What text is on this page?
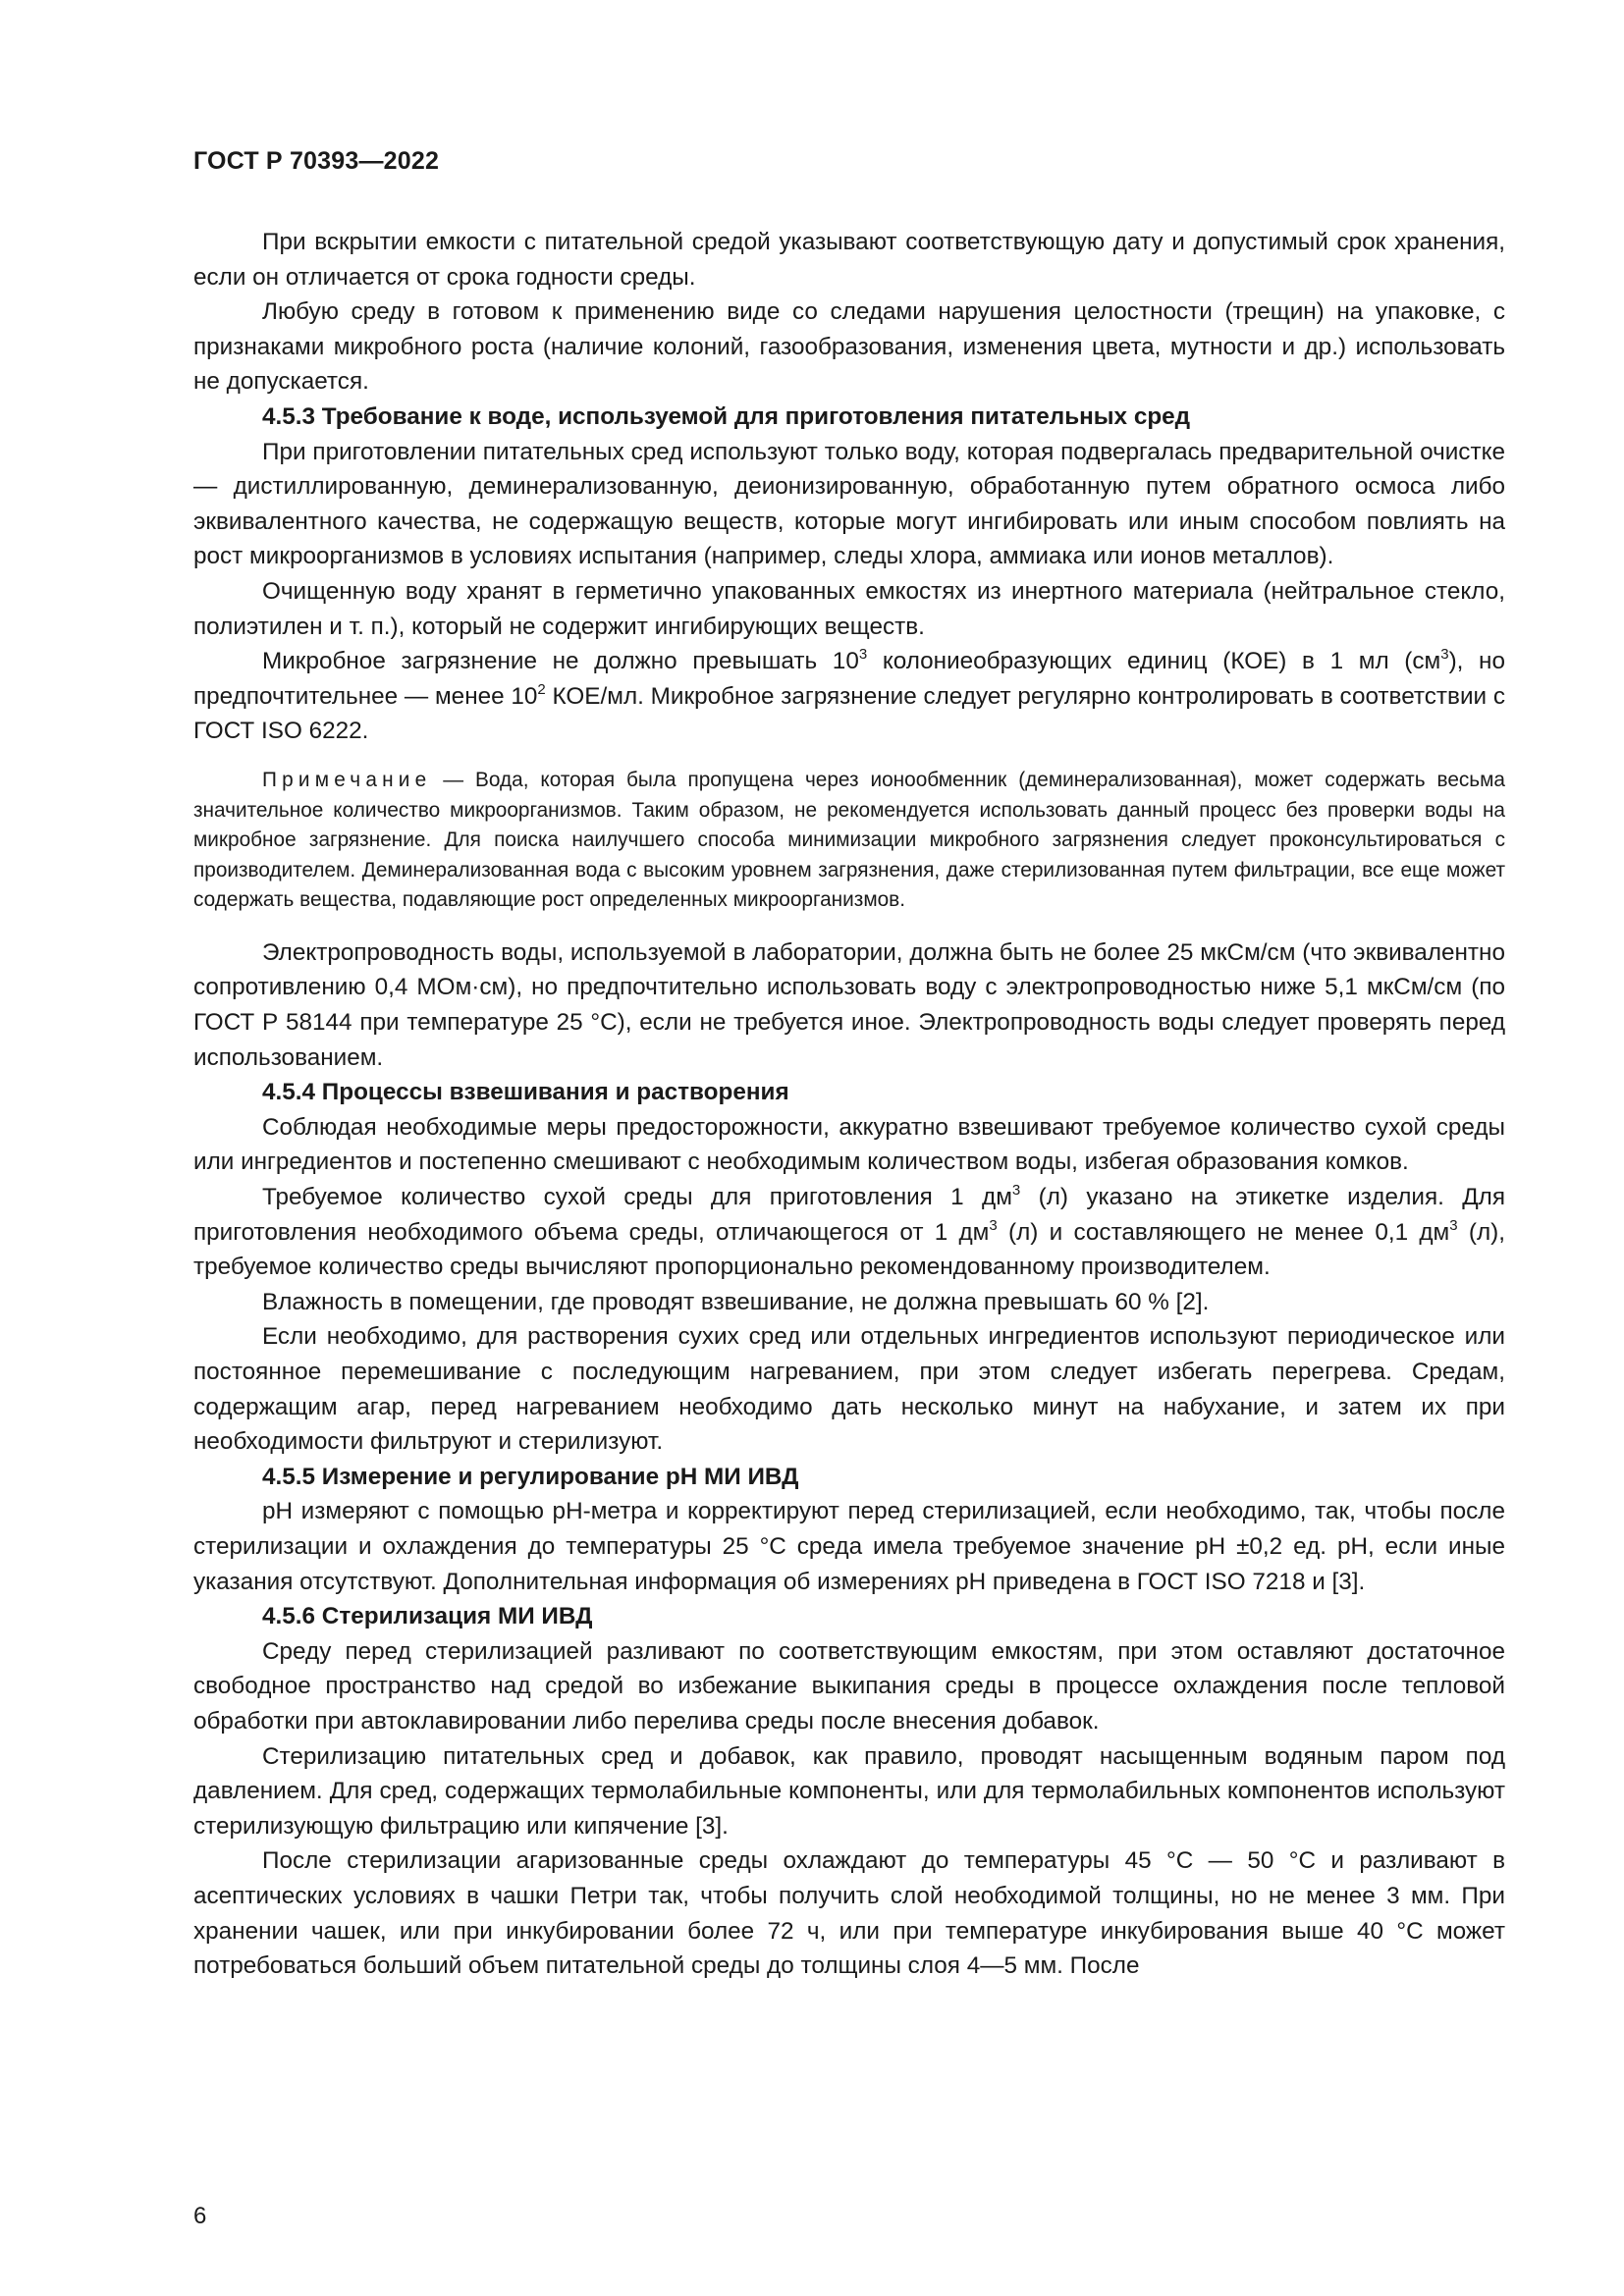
ГОСТ Р 70393—2022

При вскрытии емкости с питательной средой указывают соответствующую дату и допустимый срок хранения, если он отличается от срока годности среды.

Любую среду в готовом к применению виде со следами нарушения целостности (трещин) на упаковке, с признаками микробного роста (наличие колоний, газообразования, изменения цвета, мутности и др.) использовать не допускается.

4.5.3 Требование к воде, используемой для приготовления питательных сред

При приготовлении питательных сред используют только воду, которая подвергалась предварительной очистке — дистиллированную, деминерализованную, деионизированную, обработанную путем обратного осмоса либо эквивалентного качества, не содержащую веществ, которые могут ингибировать или иным способом повлиять на рост микроорганизмов в условиях испытания (например, следы хлора, аммиака или ионов металлов).

Очищенную воду хранят в герметично упакованных емкостях из инертного материала (нейтральное стекло, полиэтилен и т. п.), который не содержит ингибирующих веществ.

Микробное загрязнение не должно превышать $10^3$ колониеобразующих единиц (КОЕ) в 1 мл $(см^3)$, но предпочтительнее — менее $10^2$ КОЕ/мл. Микробное загрязнение следует регулярно контролировать в соответствии с ГОСТ ISO 6222.

Примечание — Вода, которая была пропущена через ионообменник (деминерализованная), может содержать весьма значительное количество микроорганизмов. Таким образом, не рекомендуется использовать данный процесс без проверки воды на микробное загрязнение. Для поиска наилучшего способа минимизации микробного загрязнения следует проконсультироваться с производителем. Деминерализованная вода с высоким уровнем загрязнения, даже стерилизованная путем фильтрации, все еще может содержать вещества, подавляющие рост определенных микроорганизмов.

Электропроводность воды, используемой в лаборатории, должна быть не более 25 мкСм/см (что эквивалентно сопротивлению 0,4 МОм·см), но предпочтительно использовать воду с электропроводностью ниже 5,1 мкСм/см (по ГОСТ Р 58144 при температуре 25 °С), если не требуется иное. Электропроводность воды следует проверять перед использованием.

4.5.4 Процессы взвешивания и растворения

Соблюдая необходимые меры предосторожности, аккуратно взвешивают требуемое количество сухой среды или ингредиентов и постепенно смешивают с необходимым количеством воды, избегая образования комков.

Требуемое количество сухой среды для приготовления 1 $дм^3$ (л) указано на этикетке изделия. Для приготовления необходимого объема среды, отличающегося от 1 $дм^3$ (л) и составляющего не менее 0,1 $дм^3$ (л), требуемое количество среды вычисляют пропорционально рекомендованному производителем.

Влажность в помещении, где проводят взвешивание, не должна превышать 60 % [2].

Если необходимо, для растворения сухих сред или отдельных ингредиентов используют периодическое или постоянное перемешивание с последующим нагреванием, при этом следует избегать перегрева. Средам, содержащим агар, перед нагреванием необходимо дать несколько минут на набухание, и затем их при необходимости фильтруют и стерилизуют.

4.5.5 Измерение и регулирование рН МИ ИВД

рН измеряют с помощью рН-метра и корректируют перед стерилизацией, если необходимо, так, чтобы после стерилизации и охлаждения до температуры 25 °С среда имела требуемое значение рН ±0,2 ед. рН, если иные указания отсутствуют. Дополнительная информация об измерениях рН приведена в ГОСТ ISO 7218 и [3].

4.5.6 Стерилизация МИ ИВД

Среду перед стерилизацией разливают по соответствующим емкостям, при этом оставляют достаточное свободное пространство над средой во избежание выкипания среды в процессе охлаждения после тепловой обработки при автоклавировании либо перелива среды после внесения добавок.

Стерилизацию питательных сред и добавок, как правило, проводят насыщенным водяным паром под давлением. Для сред, содержащих термолабильные компоненты, или для термолабильных компонентов используют стерилизующую фильтрацию или кипячение [3].

После стерилизации агаризованные среды охлаждают до температуры 45 °С — 50 °С и разливают в асептических условиях в чашки Петри так, чтобы получить слой необходимой толщины, но не менее 3 мм. При хранении чашек, или при инкубировании более 72 ч, или при температуре инкубирования выше 40 °С может потребоваться больший объем питательной среды до толщины слоя 4—5 мм. После

6
